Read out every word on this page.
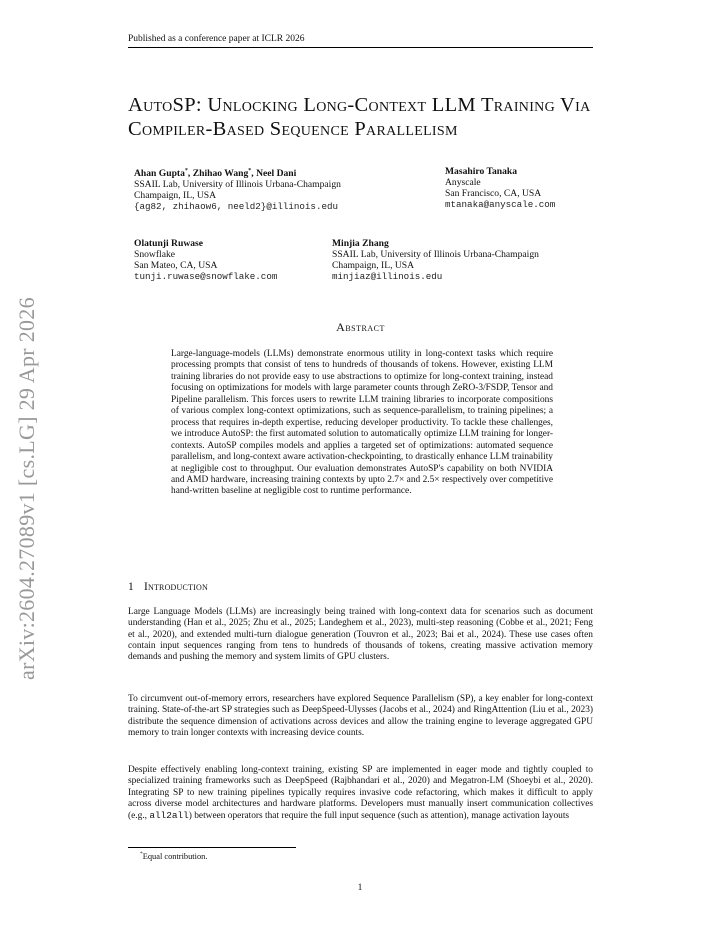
Published as a conference paper at ICLR 2026
arXiv:2604.27089v1 [cs.LG] 29 Apr 2026
AutoSP: Unlocking Long-Context LLM Training Via Compiler-Based Sequence Parallelism
Ahan Gupta*, Zhihao Wang*, Neel Dani
SSAIL Lab, University of Illinois Urbana-Champaign
Champaign, IL, USA
{ag82, zhihaow6, neeld2}@illinois.edu
Masahiro Tanaka
Anyscale
San Francisco, CA, USA
mtanaka@anyscale.com
Olatunji Ruwase
Snowflake
San Mateo, CA, USA
tunji.ruwase@snowflake.com
Minjia Zhang
SSAIL Lab, University of Illinois Urbana-Champaign
Champaign, IL, USA
minjiaz@illinois.edu
Abstract
Large-language-models (LLMs) demonstrate enormous utility in long-context tasks which require processing prompts that consist of tens to hundreds of thousands of tokens. However, existing LLM training libraries do not provide easy to use abstractions to optimize for long-context training, instead focusing on optimizations for models with large parameter counts through ZeRO-3/FSDP, Tensor and Pipeline parallelism. This forces users to rewrite LLM training libraries to incorporate compositions of various complex long-context optimizations, such as sequence-parallelism, to training pipelines; a process that requires in-depth expertise, reducing developer productivity. To tackle these challenges, we introduce AutoSP: the first automated solution to automatically optimize LLM training for longer-contexts. AutoSP compiles models and applies a targeted set of optimizations: automated sequence parallelism, and long-context aware activation-checkpointing, to drastically enhance LLM trainability at negligible cost to throughput. Our evaluation demonstrates AutoSP's capability on both NVIDIA and AMD hardware, increasing training contexts by upto 2.7× and 2.5× respectively over competitive hand-written baseline at negligible cost to runtime performance.
1 Introduction
Large Language Models (LLMs) are increasingly being trained with long-context data for scenarios such as document understanding (Han et al., 2025; Zhu et al., 2025; Landeghem et al., 2023), multi-step reasoning (Cobbe et al., 2021; Feng et al., 2020), and extended multi-turn dialogue generation (Touvron et al., 2023; Bai et al., 2024). These use cases often contain input sequences ranging from tens to hundreds of thousands of tokens, creating massive activation memory demands and pushing the memory and system limits of GPU clusters.
To circumvent out-of-memory errors, researchers have explored Sequence Parallelism (SP), a key enabler for long-context training. State-of-the-art SP strategies such as DeepSpeed-Ulysses (Jacobs et al., 2024) and RingAttention (Liu et al., 2023) distribute the sequence dimension of activations across devices and allow the training engine to leverage aggregated GPU memory to train longer contexts with increasing device counts.
Despite effectively enabling long-context training, existing SP are implemented in eager mode and tightly coupled to specialized training frameworks such as DeepSpeed (Rajbhandari et al., 2020) and Megatron-LM (Shoeybi et al., 2020). Integrating SP to new training pipelines typically requires invasive code refactoring, which makes it difficult to apply across diverse model architectures and hardware platforms. Developers must manually insert communication collectives (e.g., all2all) between operators that require the full input sequence (such as attention), manage activation layouts
*Equal contribution.
1
